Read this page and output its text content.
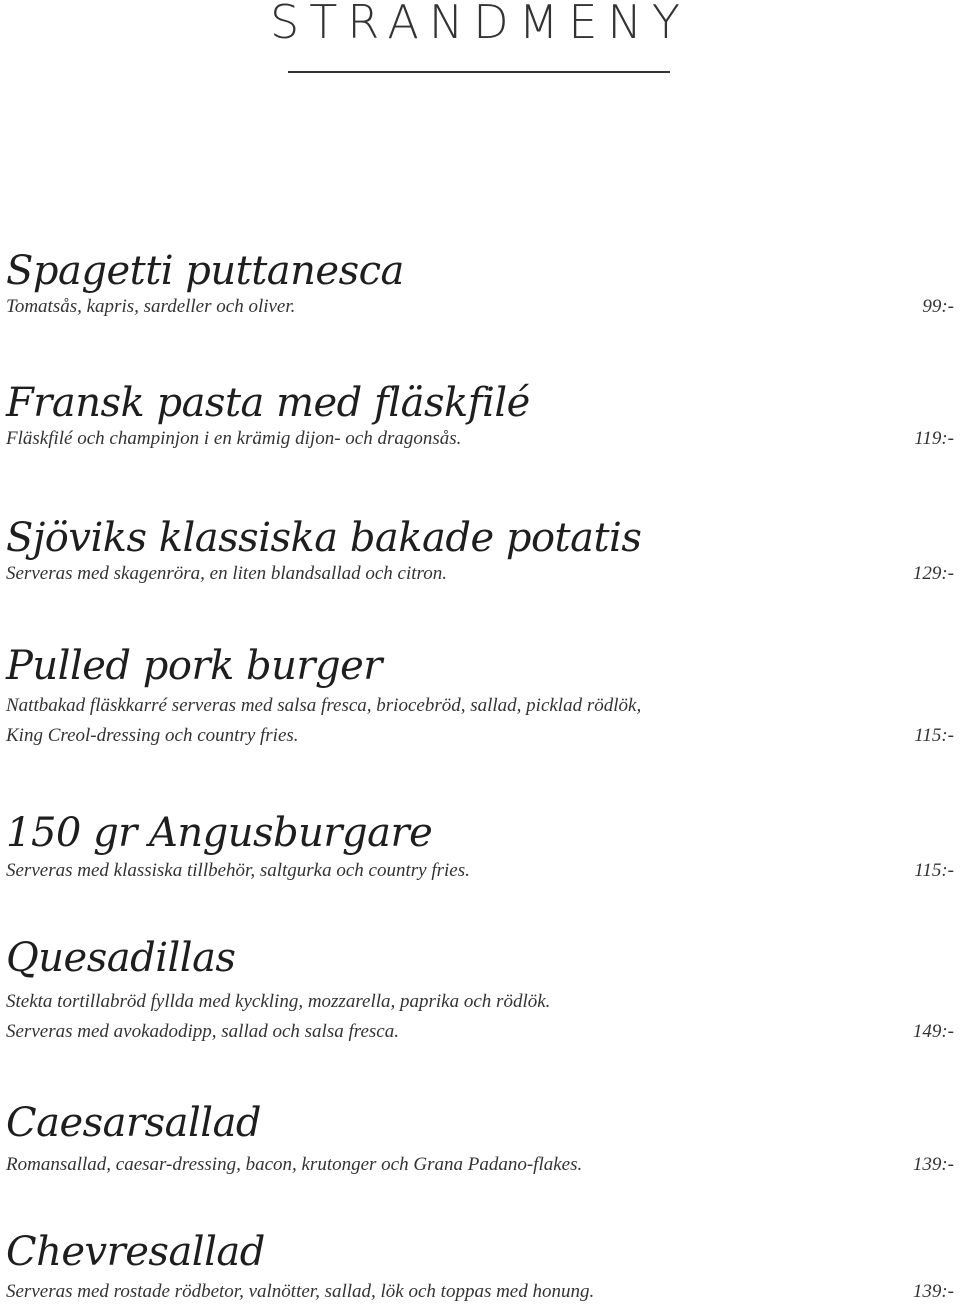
STRANDMENY
Spagetti puttanesca
Tomatsås, kapris, sardeller och oliver.	99:-
Fransk pasta med fläskfilé
Fläskfilé och champinjon i en krämig dijon- och dragonsås.	119:-
Sjöviks klassiska bakade potatis
Serveras med skagenröra, en liten blandsallad och citron.	129:-
Pulled pork burger
Nattbakad fläskkarré serveras med salsa fresca, briocebröd, sallad, picklad rödlök,
King Creol-dressing och country fries.	115:-
150 gr Angusburgare
Serveras med klassiska tillbehör, saltgurka och country fries.	115:-
Quesadillas
Stekta tortillabröd fyllda med kyckling, mozzarella, paprika och rödlök.
Serveras med avokadodipp, sallad och salsa fresca.	149:-
Caesarsallad
Romansallad, caesar-dressing, bacon, krutonger och Grana Padano-flakes.	139:-
Chevresallad
Serveras med rostade rödbetor, valnötter, sallad, lök och toppas med honung.	139:-
